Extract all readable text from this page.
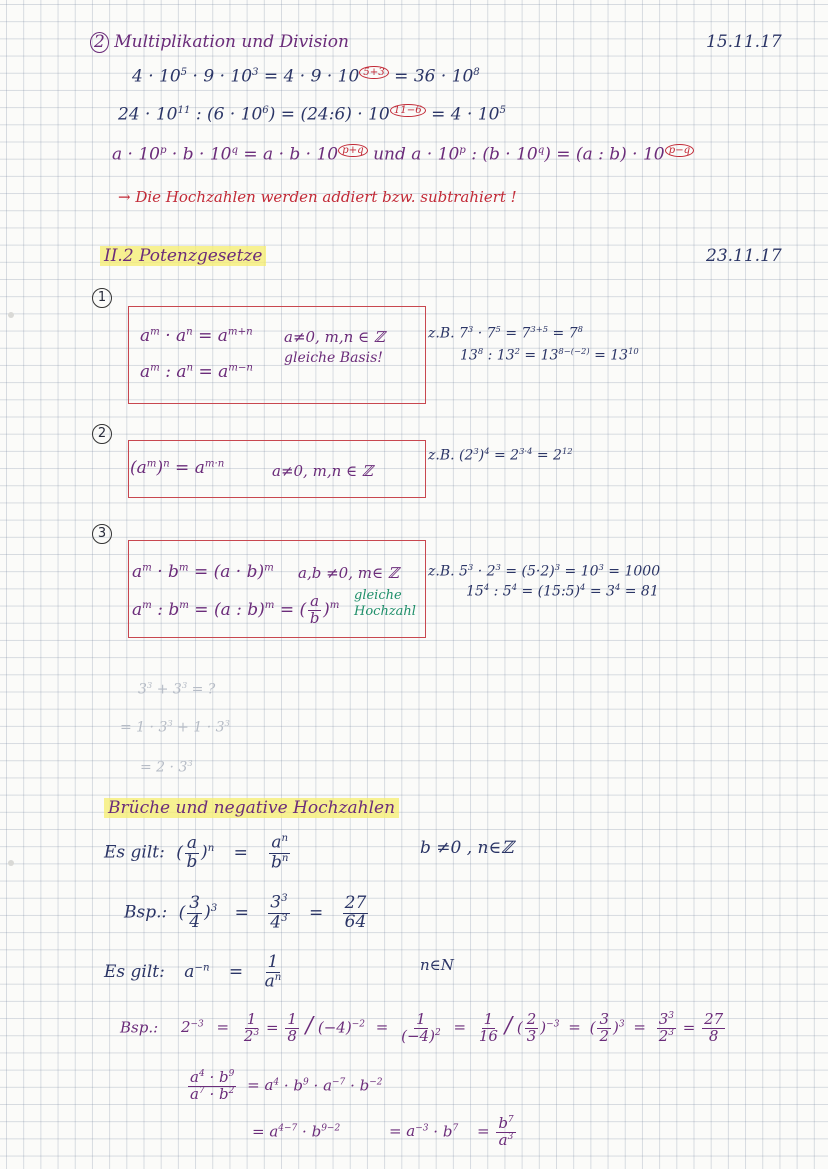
15.11.17
23.11.17
2 Multiplikation und Division
$4 \cdot 10^5 \cdot 9 \cdot 10^3 = 4 \cdot 9 \cdot 10$ $^{5+3} = 36 \cdot 10^8$
$24 \cdot 10^{11}$ : $(6 \cdot 10^6)$ = (24:6) · 10 $^{11-6} = 4 \cdot 10^5$
$a \cdot 10^p \cdot b \cdot 10^q = a \cdot b \cdot 10$ $^{p+q}$ und $a \cdot 10^p$ : $(b \cdot 10^q) = (a$ : b) · 10 $^{p-q}$
→ Die Hochzahlen werden addiert bzw. subtrahiert !
II.2 Potenzgesetze
1
$a^m \cdot a^n = a^{m+n}$
$a^m$ : $a^n = a^{m-n}$
a≠0, m,n ∈ ℤ
gleiche Basis!
z.B. $7^3 \cdot 7^5 = 7^{3+5} = 7^8$
$13^8$ : $13^2 = 13^{8-(-2)} = 13^{10}$
2
$(a^m)^n = a^{m\cdot n}$	a≠0, m,n ∈ ℤ
z.B. $(2^3)^4 = 2^{3\cdot 4} = 2^{12}$
3
$a^m \cdot b^m = (a \cdot b)^m$
$a^m$ : $b^m = (a$ : b)$^m$ = ( $\frac{a}{b} )^m$
a,b ≠0, m∈ ℤ
gleiche
Hochzahl
z.B. $5^3 \cdot 2^3 = (5\cdot 2)^3 = 10^3 = 1000$
$15^4$ : $5^4$ = (15:5)$^4$ = $3^4 = 81$
$3^3 + 3^3$ = ?
= $1 \cdot 3^3 + 1 \cdot 3^3$
= $2 \cdot 3^3$
Brüche und negative Hochzahlen
Es gilt: ( $\frac{a}{b} )^n = \frac{a^n}{b^n}$	b ≠0 , n∈ℤ
Bsp.: ( $\frac{3}{4} )^3 = \frac{3^3}{4^3} = \frac{27}{64}$
Es gilt: $a^{-n} = \frac{1}{a^n}$	n∈N
Bsp.: $2^{-3} = \frac{1}{2^3} = \frac{1}{8} / (-4)^{-2} = \frac{1}{(-4)^2} = \frac{1}{16}$ / ( $\frac{2}{3} )^{-3}$ = ( $\frac{3}{2} )^3 = \frac{3^3}{2^3} = \frac{27}{8}$
$\frac{a^4 \cdot b^9}{a^7 \cdot b^2} = a^4 \cdot b^9 \cdot a^{-7} \cdot b^{-2}$
= $a^{4-7} \cdot b^{9-2}$	= $a^{-3} \cdot b^7 = \frac{b^7}{a^3}$
